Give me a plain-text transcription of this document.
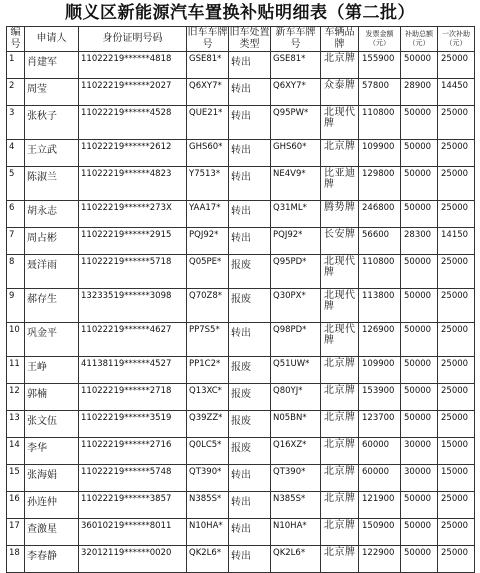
顺义区新能源汽车置换补贴明细表（第二批）
编号	申请人	身份证明号码	旧车车牌号	旧车处置类型	新车车牌号	车辆品牌	发票金额（元）	补助总额（元）	一次补助（元）
1	肖建军	11022219******4818	GSE81*	转出	GSE81*	北京牌	155900	50000	25000
2	周莹	11022219******2027	Q6XY7*	转出	Q6XY7*	众泰牌	57800	28900	14450
3	张秋子	11022219******4528	QUE21*	转出	Q95PW*	北现代牌	110800	50000	25000
4	王立武	11022219******2612	GHS60*	转出	GHS60*	北京牌	109900	50000	25000
5	陈淑兰	11022219******4823	Y7513*	转出	NE4V9*	比亚迪牌	129800	50000	25000
6	胡永志	11022219******273X	YAA17*	转出	Q31ML*	腾势牌	246800	50000	25000
7	周占彬	11022219******2915	PQJ92*	转出	PQJ92*	长安牌	56600	28300	14150
8	聂洋雨	11022219******5718	Q05PE*	报废	Q95PD*	北现代牌	110800	50000	25000
9	郝存生	13233519******3098	Q70Z8*	报废	Q30PX*	北现代牌	113800	50000	25000
10	巩金平	11022219******4627	PP7S5*	转出	Q98PD*	北现代牌	126900	50000	25000
11	王峥	41138119******4527	PP1C2*	报废	Q51UW*	北京牌	109900	50000	25000
12	郭楠	11022219******2718	Q13XC*	报废	Q80YJ*	北京牌	153900	50000	25000
13	张文伍	11022219******3519	Q39ZZ*	报废	N05BN*	北京牌	123700	50000	25000
14	李华	11022219******2716	Q0LC5*	报废	Q16XZ*	北京牌	60000	30000	15000
15	张海娟	11022219******5748	QT390*	转出	QT390*	北京牌	60000	30000	15000
16	孙连仲	11022219******3857	N385S*	转出	N385S*	北京牌	121900	50000	25000
17	查激星	36010219******8011	N10HA*	转出	N10HA*	北京牌	150900	50000	25000
18	李春静	32012119******0020	QK2L6*	转出	QK2L6*	北京牌	122900	50000	25000
